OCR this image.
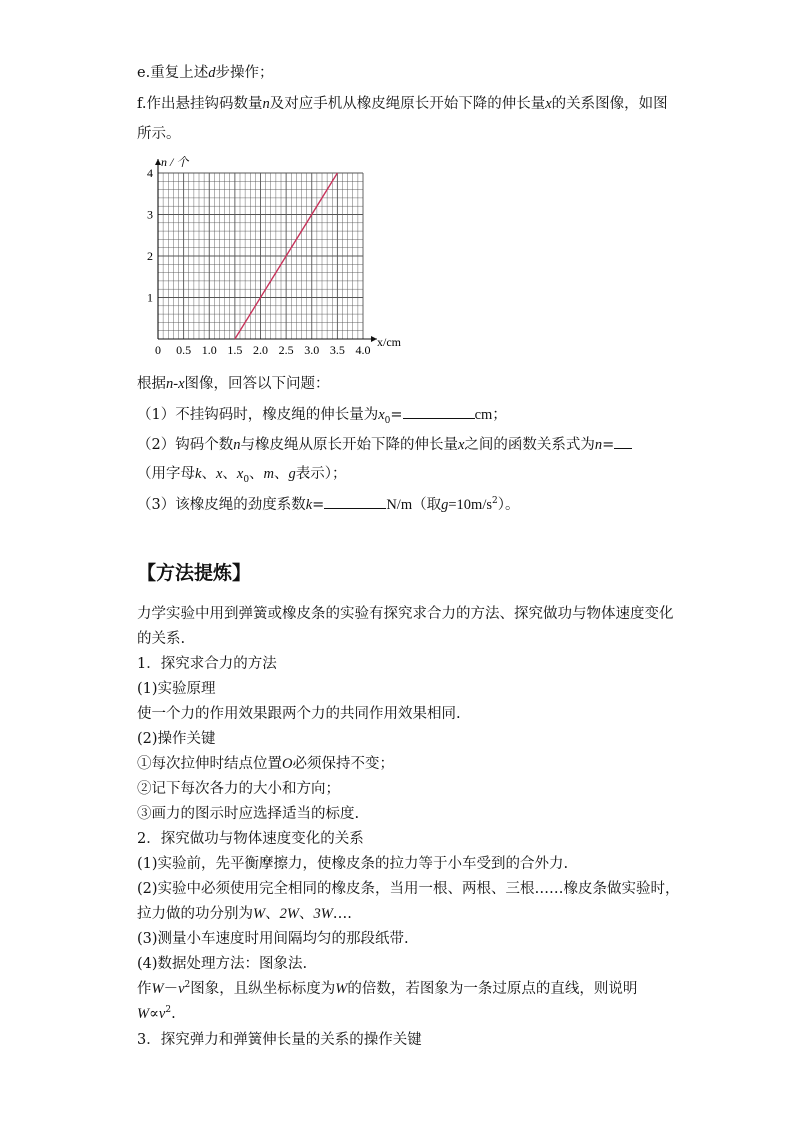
e.重复上述d步操作；
f.作出悬挂钩码数量n及对应手机从橡皮绳原长开始下降的伸长量x的关系图像，如图
所示。
0 0.5 1.0 1.5 2.0 2.5 3.0 3.5 4.0
1
2
3
4
n / 个
x/cm
根据n-x图像，回答以下问题：
（1）不挂钩码时，橡皮绳的伸长量为$x_0=$	cm；
（2）钩码个数n与橡皮绳从原长开始下降的伸长量x之间的函数关系式为n=
（用字母k、x、$x_0$、m、g表示）；
（3）该橡皮绳的劲度系数k=	N/m（取$g=10m/s^2$）。
【方法提炼】
力学实验中用到弹簧或橡皮条的实验有探究求合力的方法、探究做功与物体速度变化
的关系.
1．探究求合力的方法
(1)实验原理
使一个力的作用效果跟两个力的共同作用效果相同.
(2)操作关键
①每次拉伸时结点位置O必须保持不变；
②记下每次各力的大小和方向；
③画力的图示时应选择适当的标度.
2．探究做功与物体速度变化的关系
(1)实验前，先平衡摩擦力，使橡皮条的拉力等于小车受到的合外力.
(2)实验中必须使用完全相同的橡皮条，当用一根、两根、三根……橡皮条做实验时，
拉力做的功分别为W、2W、3W….
(3)测量小车速度时用间隔均匀的那段纸带.
(4)数据处理方法：图象法.
作$W-v^2$图象，且纵坐标标度为W的倍数，若图象为一条过原点的直线，则说明
$W\propto v^2$.
3．探究弹力和弹簧伸长量的关系的操作关键
